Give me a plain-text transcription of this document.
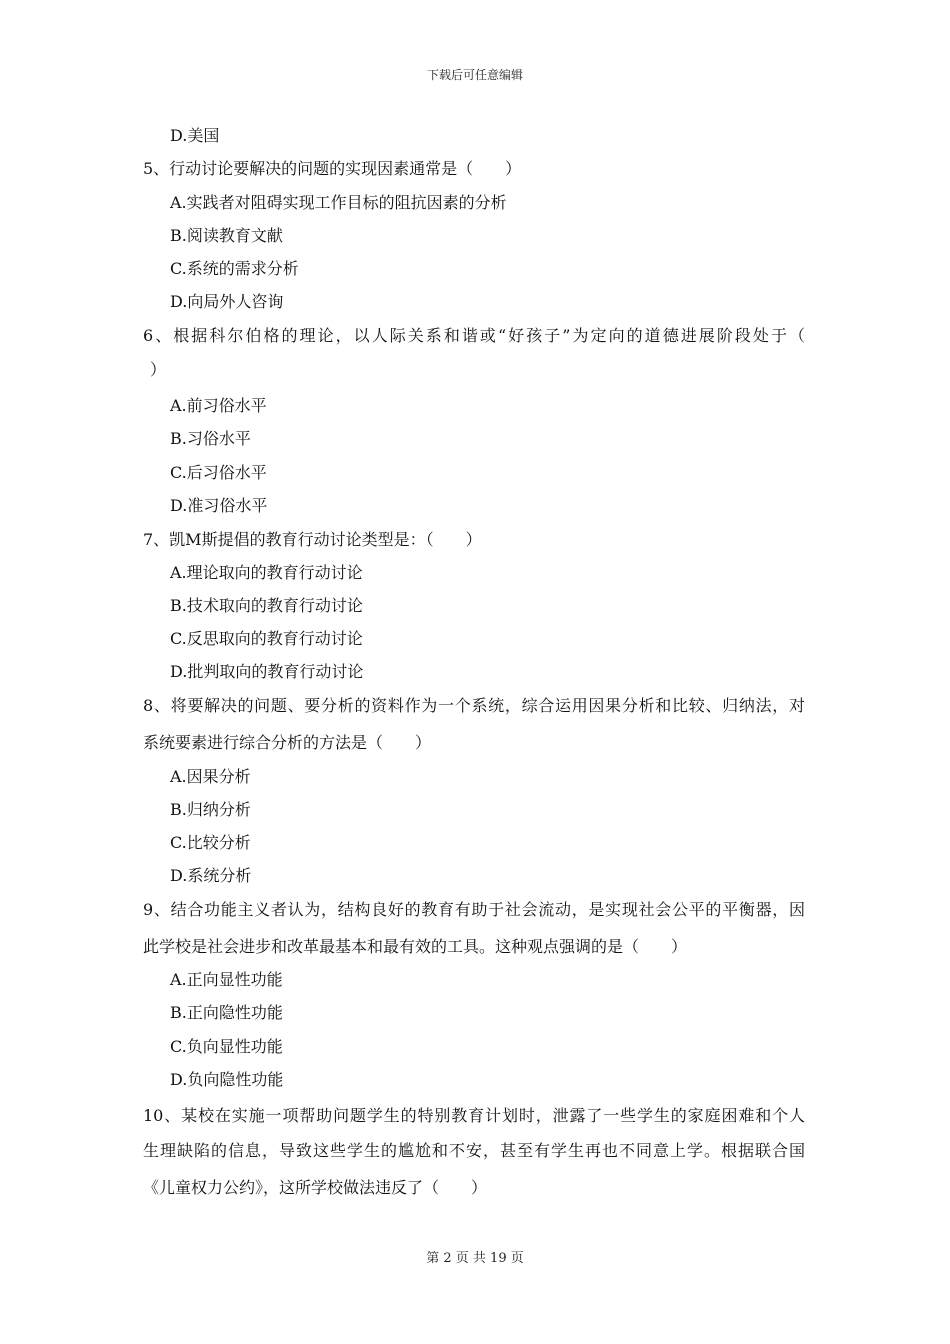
下载后可任意编辑
D.美国
5、行动讨论要解决的问题的实现因素通常是（　　）
A.实践者对阻碍实现工作目标的阻抗因素的分析
B.阅读教育文献
C.系统的需求分析
D.向局外人咨询
6、根据科尔伯格的理论，以人际关系和谐或“好孩子”为定向的道德进展阶段处于（
）
A.前习俗水平
B.习俗水平
C.后习俗水平
D.准习俗水平
7、凯M斯提倡的教育行动讨论类型是：（　　）
A.理论取向的教育行动讨论
B.技术取向的教育行动讨论
C.反思取向的教育行动讨论
D.批判取向的教育行动讨论
8、将要解决的问题、要分析的资料作为一个系统，综合运用因果分析和比较、归纳法，对
系统要素进行综合分析的方法是（　　）
A.因果分析
B.归纳分析
C.比较分析
D.系统分析
9、结合功能主义者认为，结构良好的教育有助于社会流动，是实现社会公平的平衡器，因
此学校是社会进步和改革最基本和最有效的工具。这种观点强调的是（　　）
A.正向显性功能
B.正向隐性功能
C.负向显性功能
D.负向隐性功能
10、某校在实施一项帮助问题学生的特别教育计划时，泄露了一些学生的家庭困难和个人
生理缺陷的信息，导致这些学生的尴尬和不安，甚至有学生再也不同意上学。根据联合国
《儿童权力公约》，这所学校做法违反了（　　）
第 2 页 共 19 页
